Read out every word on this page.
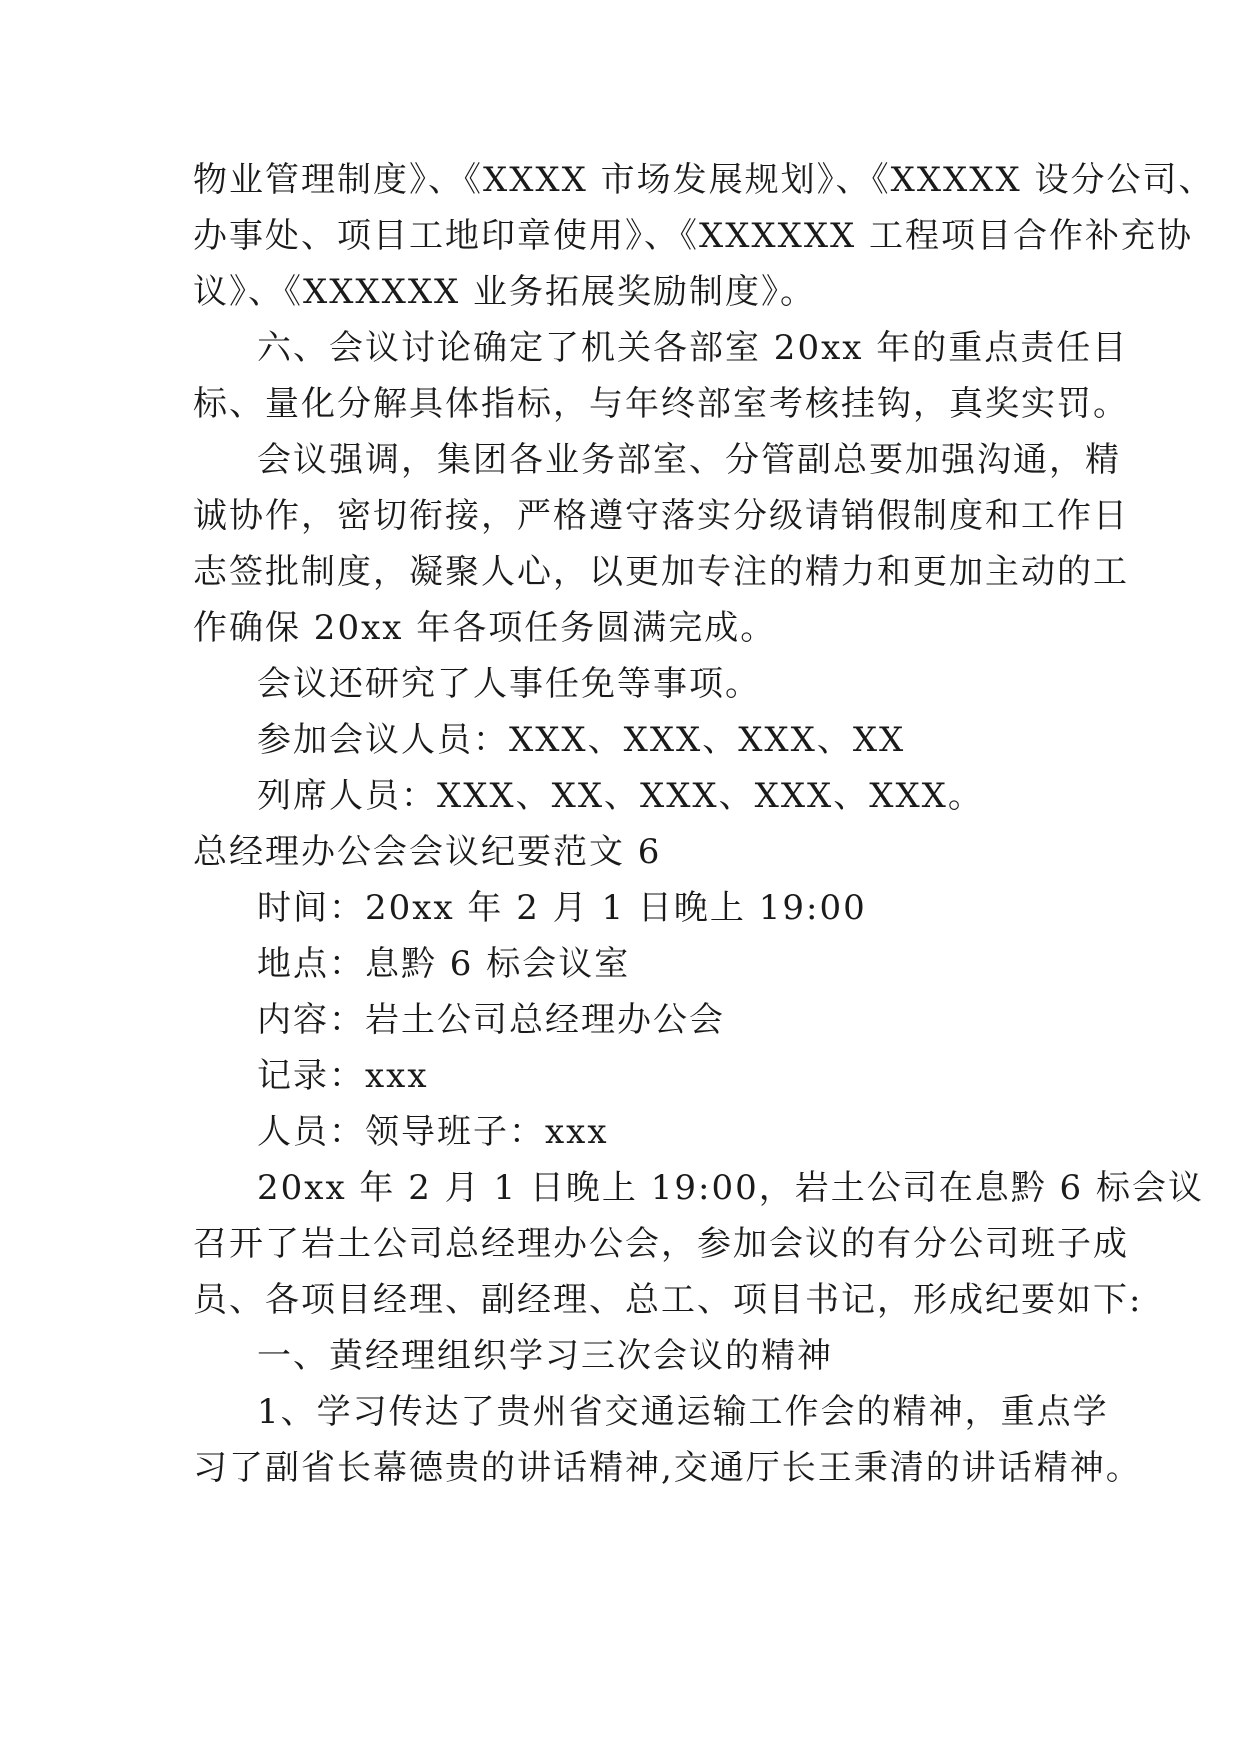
物业管理制度》、《XXXX 市场发展规划》、《XXXXX 设分公司、
办事处、项目工地印章使用》、《XXXXXX 工程项目合作补充协
议》、《XXXXXX 业务拓展奖励制度》。
六、会议讨论确定了机关各部室 20xx 年的重点责任目
标、量化分解具体指标，与年终部室考核挂钩，真奖实罚。
会议强调，集团各业务部室、分管副总要加强沟通，精
诚协作，密切衔接，严格遵守落实分级请销假制度和工作日
志签批制度，凝聚人心，以更加专注的精力和更加主动的工
作确保 20xx 年各项任务圆满完成。
会议还研究了人事任免等事项。
参加会议人员：XXX、XXX、XXX、XX
列席人员：XXX、XX、XXX、XXX、XXX。
总经理办公会会议纪要范文 6
时间：20xx 年 2 月 1 日晚上 19:00
地点：息黔 6 标会议室
内容：岩土公司总经理办公会
记录：xxx
人员：领导班子：xxx
20xx 年 2 月 1 日晚上 19:00，岩土公司在息黔 6 标会议
召开了岩土公司总经理办公会，参加会议的有分公司班子成
员、各项目经理、副经理、总工、项目书记，形成纪要如下:
一、黄经理组织学习三次会议的精神
1、学习传达了贵州省交通运输工作会的精神，重点学
习了副省长幕德贵的讲话精神,交通厅长王秉清的讲话精神。
